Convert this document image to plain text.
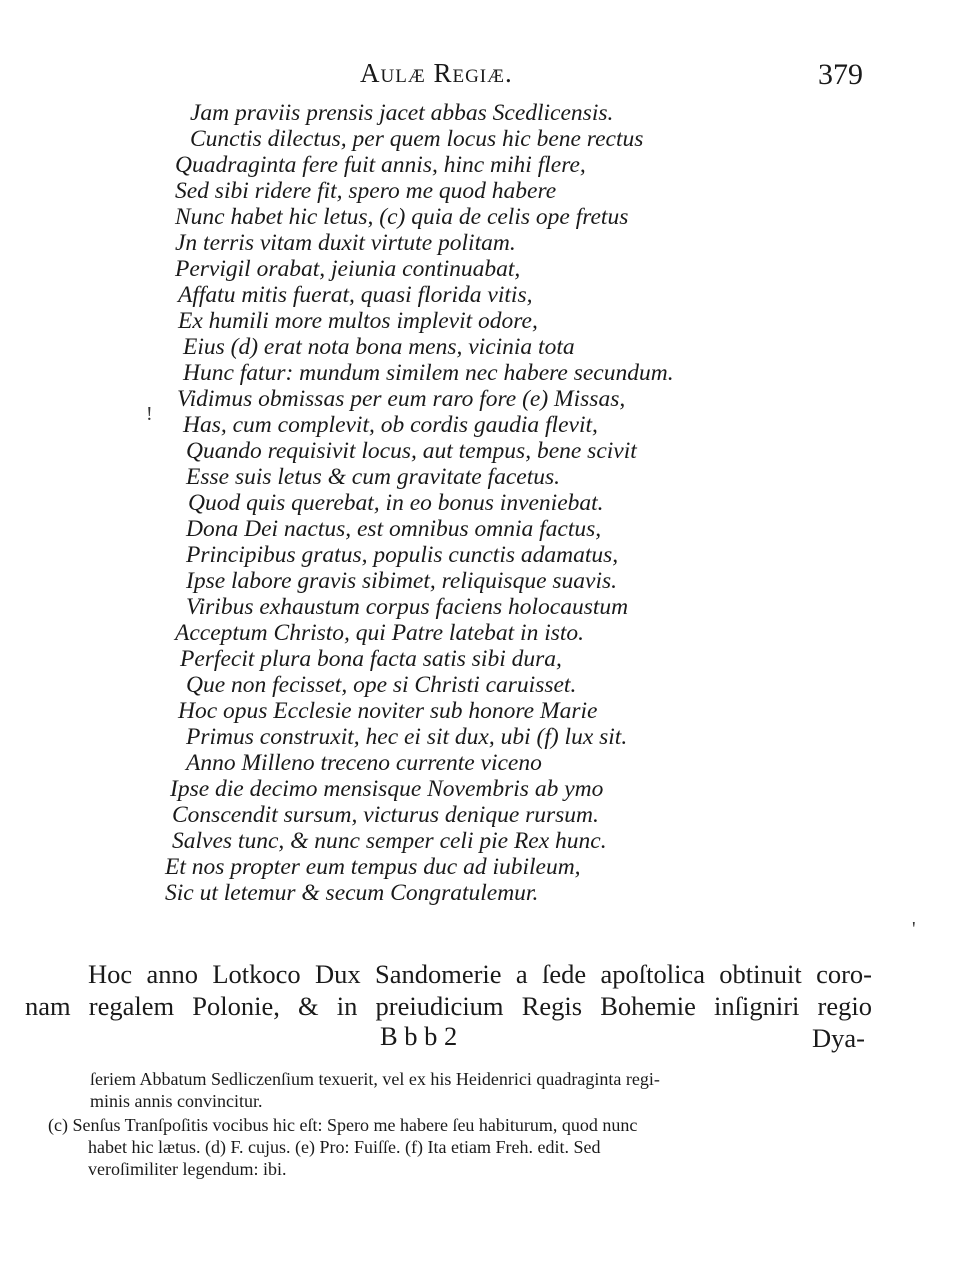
Aulæ Regiæ.	379
Jam praviis prensis jacet abbas Scedlicensis.
Cunctis dilectus, per quem locus hic bene rectus
Quadraginta fere fuit annis, hinc mihi flere,
Sed sibi ridere fit, spero me quod habere
Nunc habet hic letus, (c) quia de celis ope fretus
Jn terris vitam duxit virtute politam.
Pervigil orabat, jeiunia continuabat,
Affatu mitis fuerat, quasi florida vitis,
Ex humili more multos implevit odore,
Eius (d) erat nota bona mens, vicinia tota
Hunc fatur: mundum similem nec habere secundum.
Vidimus obmissas per eum raro fore (e) Missas,
Has, cum complevit, ob cordis gaudia flevit,
Quando requisivit locus, aut tempus, bene scivit
Esse suis letus & cum gravitate facetus.
Quod quis querebat, in eo bonus inveniebat.
Dona Dei nactus, est omnibus omnia factus,
Principibus gratus, populis cunctis adamatus,
Ipse labore gravis sibimet, reliquisque suavis.
Viribus exhaustum corpus faciens holocaustum
Acceptum Christo, qui Patre latebat in isto.
Perfecit plura bona facta satis sibi dura,
Que non fecisset, ope si Christi caruisset.
Hoc opus Ecclesie noviter sub honore Marie
Primus construxit, hec ei sit dux, ubi (f) lux sit.
Anno Milleno treceno currente viceno
Ipse die decimo mensisque Novembris ab ymo
Conscendit sursum, victurus denique rursum.
Salves tunc, & nunc semper celi pie Rex hunc.
Et nos propter eum tempus duc ad iubileum,
Sic ut letemur & secum Congratulemur.
Hoc anno Lotkoco Dux Sandomerie a ſede apoſtolica obtinuit coro-
nam regalem Polonie, & in preiudicium Regis Bohemie inſigniri regio
B b b 2	Dya-
ſeriem Abbatum Sedliczenſium texuerit, vel ex his Heidenrici quadraginta regi-
minis annis convincitur.
(c) Senſus Tranſpoſitis vocibus hic eſt: Spero me habere ſeu habiturum, quod nunc
habet hic lætus. (d) F. cujus. (e) Pro: Fuiſſe. (f) Ita etiam Freh. edit. Sed
veroſimiliter legendum: ibi.
!
'
